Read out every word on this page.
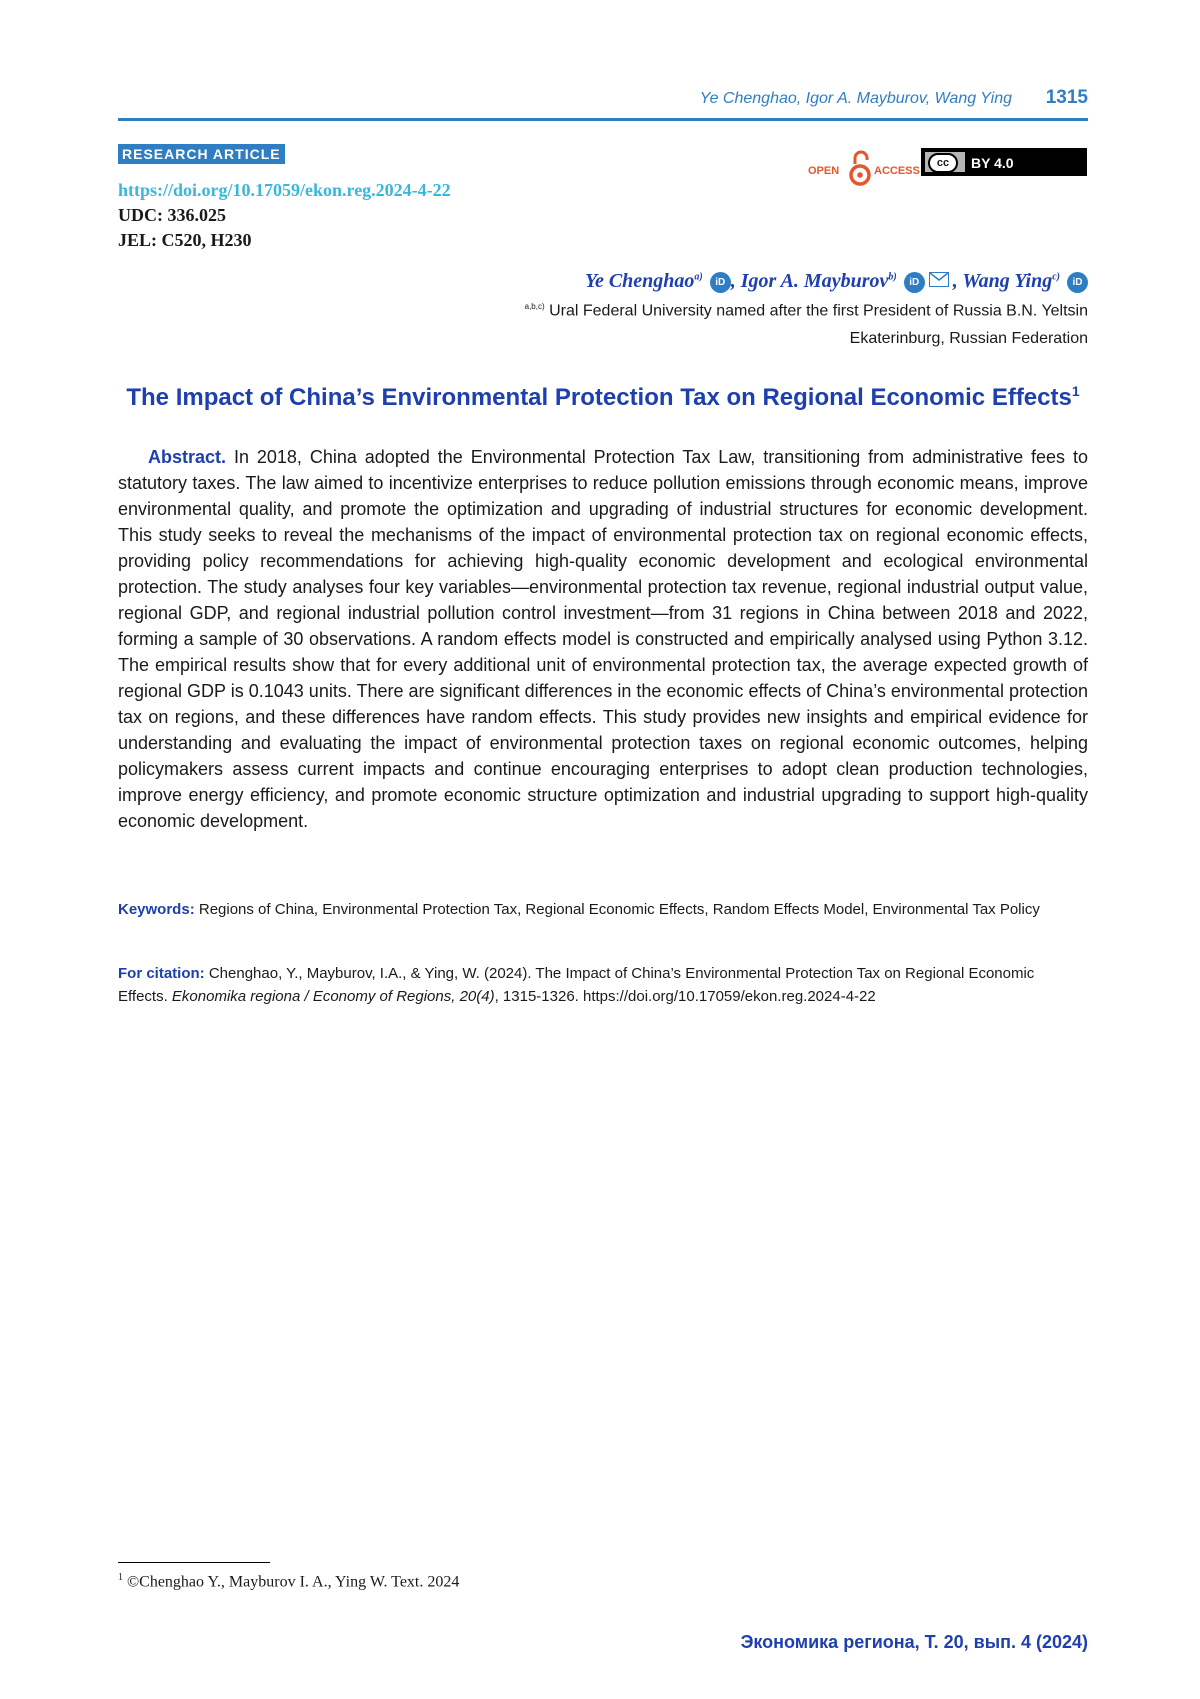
Ye Chenghao, Igor A. Mayburov, Wang Ying 1315
RESEARCH ARTICLE
https://doi.org/10.17059/ekon.reg.2024-4-22
UDC: 336.025
JEL: C520, H230
OPEN	ACCESS
cc	BY 4.0
Ye Chenghao$^{a)}$ iD , Igor A. Mayburov$^{b)}$ iD , Wang Ying$^{c)}$ iD
$^{a,b,c)}$ Ural Federal University named after the first President of Russia B.N. Yeltsin
Ekaterinburg, Russian Federation
The Impact of China’s Environmental Protection Tax on Regional Economic Effects$^1$

Abstract. In 2018, China adopted the Environmental Protection Tax Law, transitioning from administrative fees to statutory taxes. The law aimed to incentivize enterprises to reduce pollution emissions through economic means, improve environmental quality, and promote the optimization and upgrading of industrial structures for economic development. This study seeks to reveal the mechanisms of the impact of environmental protection tax on regional economic effects, providing policy recommendations for achieving high-quality economic development and ecological environmental protection. The study analyses four key variables—environmental protection tax revenue, regional industrial output value, regional GDP, and regional industrial pollution control investment—from 31 regions in China between 2018 and 2022, forming a sample of 30 observations. A random effects model is constructed and empirically analysed using Python 3.12. The empirical results show that for every additional unit of environmental protection tax, the average expected growth of regional GDP is 0.1043 units. There are significant differences in the economic effects of China’s environmental protection tax on regions, and these differences have random effects. This study provides new insights and empirical evidence for understanding and evaluating the impact of environmental protection taxes on regional economic outcomes, helping policymakers assess current impacts and continue encouraging enterprises to adopt clean production technologies, improve energy efficiency, and promote economic structure optimization and industrial upgrading to support high-quality economic development.

Keywords: Regions of China, Environmental Protection Tax, Regional Economic Effects, Random Effects Model, Environmental Tax Policy

For citation: Chenghao, Y., Mayburov, I.A., & Ying, W. (2024). The Impact of China’s Environmental Protection Tax on Regional Economic Effects. Ekonomika regiona / Economy of Regions, 20(4), 1315-1326. https://doi.org/10.17059/ekon.reg.2024-4-22

$^1$ ©Chenghao Y., Mayburov I. A., Ying W. Text. 2024
Экономика региона, Т. 20, вып. 4 (2024)
